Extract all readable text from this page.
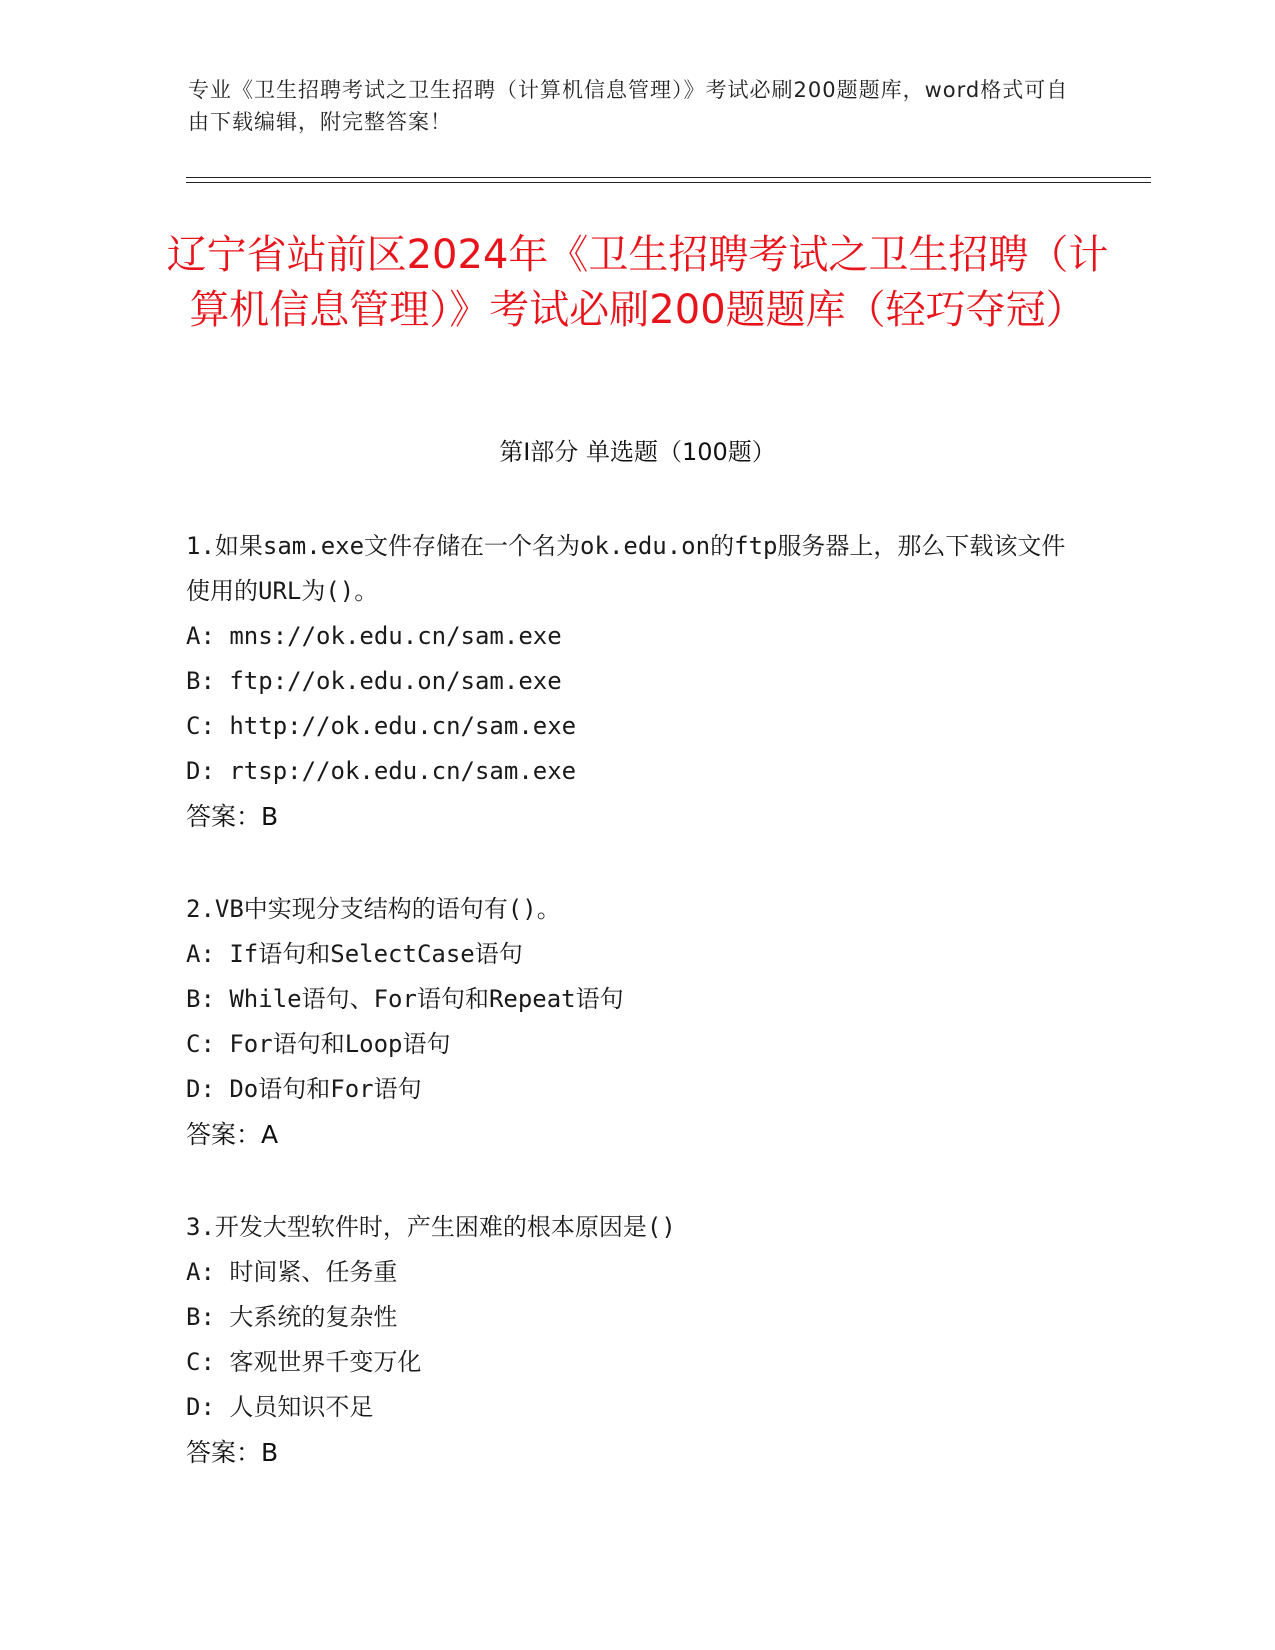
专业《卫生招聘考试之卫生招聘（计算机信息管理）》考试必刷200题题库，word格式可自由下载编辑，附完整答案！
辽宁省站前区2024年《卫生招聘考试之卫生招聘（计算机信息管理）》考试必刷200题题库（轻巧夺冠）
第I部分 单选题（100题）

1.如果sam.exe文件存储在一个名为ok.edu.on的ftp服务器上，那么下载该文件使用的URL为()。

A: mns://ok.edu.cn/sam.exe

B: ftp://ok.edu.on/sam.exe

C: http://ok.edu.cn/sam.exe

D: rtsp://ok.edu.cn/sam.exe

答案：B

2.VB中实现分支结构的语句有()。

A: If语句和SelectCase语句

B: While语句、For语句和Repeat语句

C: For语句和Loop语句

D: Do语句和For语句

答案：A

3.开发大型软件时，产生困难的根本原因是()

A: 时间紧、任务重

B: 大系统的复杂性

C: 客观世界千变万化

D: 人员知识不足

答案：B
